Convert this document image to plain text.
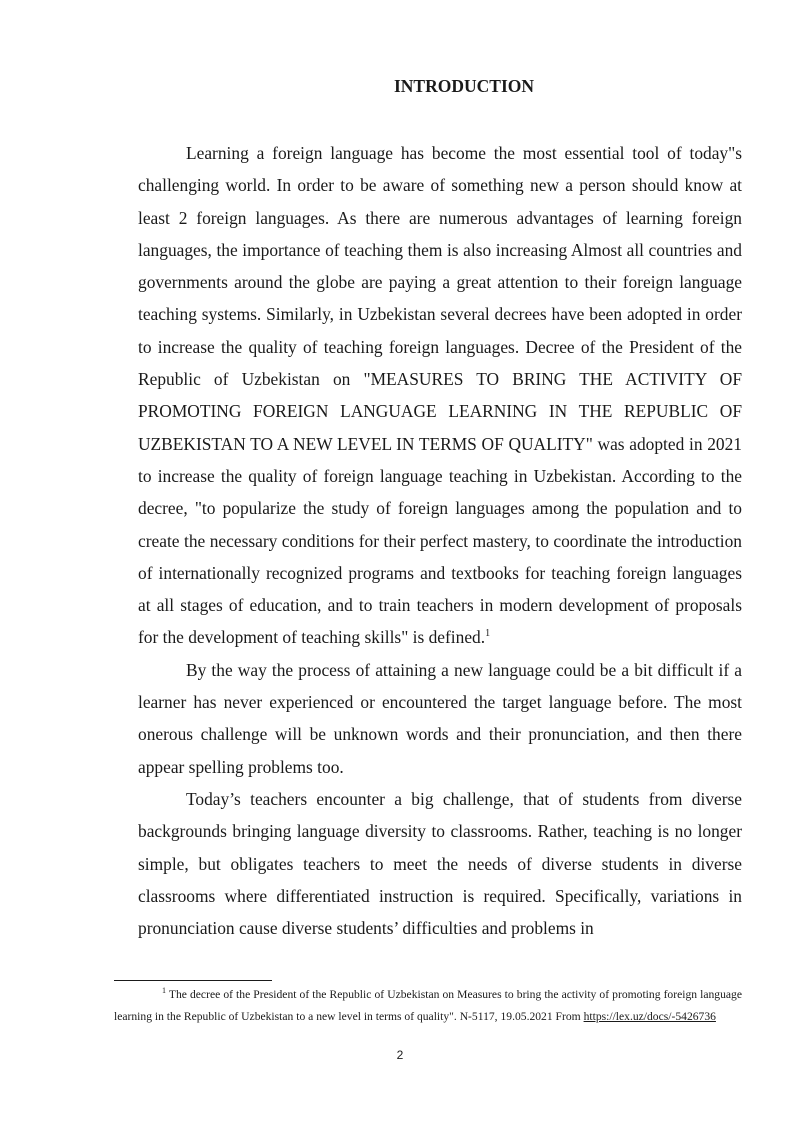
INTRODUCTION

Learning a foreign language has become the most essential tool of today"s challenging world. In order to be aware of something new a person should know at least 2 foreign languages. As there are numerous advantages of learning foreign languages, the importance of teaching them is also increasing Almost all countries and governments around the globe are paying a great attention to their foreign language teaching systems. Similarly, in Uzbekistan several decrees have been adopted in order to increase the quality of teaching foreign languages. Decree of the President of the Republic of Uzbekistan on "MEASURES TO BRING THE ACTIVITY OF PROMOTING FOREIGN LANGUAGE LEARNING IN THE REPUBLIC OF UZBEKISTAN TO A NEW LEVEL IN TERMS OF QUALITY" was adopted in 2021 to increase the quality of foreign language teaching in Uzbekistan. According to the decree, "to popularize the study of foreign languages among the population and to create the necessary conditions for their perfect mastery, to coordinate the introduction of internationally recognized programs and textbooks for teaching foreign languages at all stages of education, and to train teachers in modern development of proposals for the development of teaching skills" is defined.$^1$

By the way the process of attaining a new language could be a bit difficult if a learner has never experienced or encountered the target language before. The most onerous challenge will be unknown words and their pronunciation, and then there appear spelling problems too.

Today’s teachers encounter a big challenge, that of students from diverse backgrounds bringing language diversity to classrooms. Rather, teaching is no longer simple, but obligates teachers to meet the needs of diverse students in diverse classrooms where differentiated instruction is required. Specifically, variations in pronunciation cause diverse students’ difficulties and problems in

$^1$ The decree of the President of the Republic of Uzbekistan on Measures to bring the activity of promoting foreign language learning in the Republic of Uzbekistan to a new level in terms of quality". N-5117, 19.05.2021 From https://lex.uz/docs/-5426736

2
